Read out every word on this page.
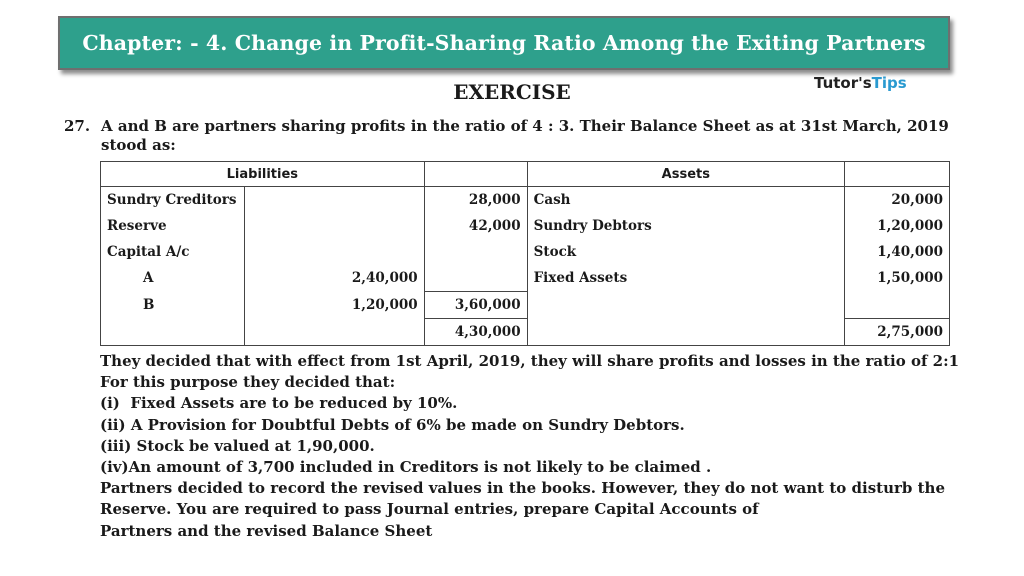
Chapter: - 4. Change in Profit-Sharing Ratio Among the Exiting Partners
Tutor's Tips
EXERCISE
27. A and B are partners sharing profits in the ratio of 4 : 3. Their Balance Sheet as at 31st March, 2019 stood as:
Liabilities			Assets	
Sundry Creditors		28,000	Cash	20,000
Reserve		42,000	Sundry Debtors	1,20,000
Capital A/c			Stock	1,40,000
A	2,40,000		Fixed Assets	1,50,000
B	1,20,000	3,60,000		
		4,30,000		2,75,000
They decided that with effect from 1st April, 2019, they will share profits and losses in the ratio of 2:1
For this purpose they decided that:
(i)  Fixed Assets are to be reduced by 10%.
(ii) A Provision for Doubtful Debts of 6% be made on Sundry Debtors.
(iii) Stock be valued at 1,90,000.
(iv)An amount of 3,700 included in Creditors is not likely to be claimed .
Partners decided to record the revised values in the books. However, they do not want to disturb the Reserve. You are required to pass Journal entries, prepare Capital Accounts of
Partners and the revised Balance Sheet
